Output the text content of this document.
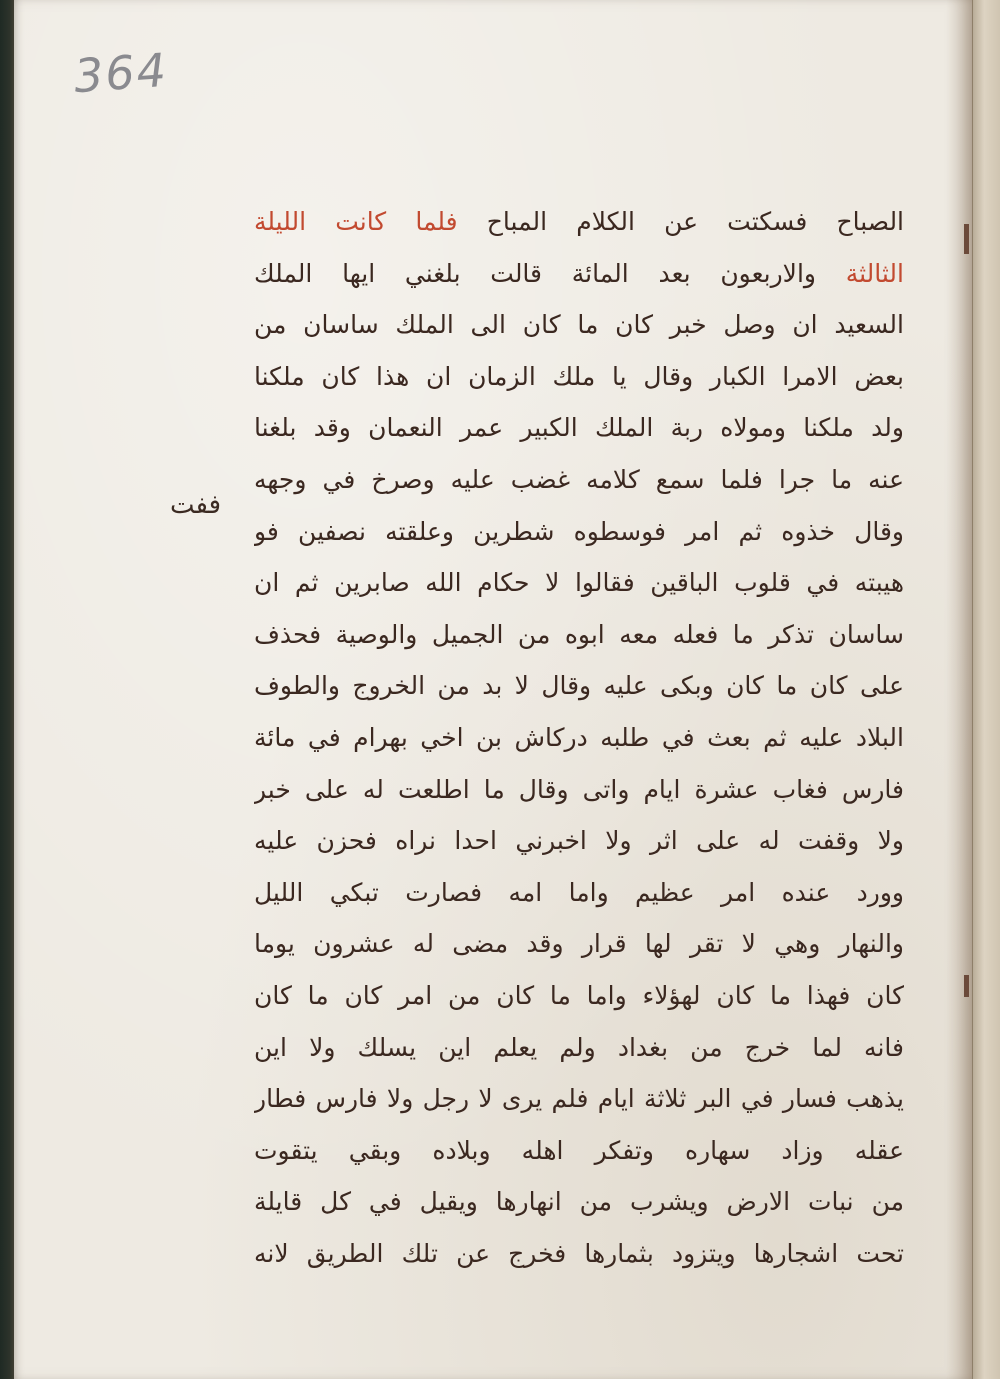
364
ففت
الصباح فسكتت عن الكلام المباح فلما كانت الليلة
الثالثة والاربعون بعد المائة قالت بلغني ايها الملك
السعيد ان وصل خبر كان ما كان الى الملك ساسان من
بعض الامرا الكبار وقال يا ملك الزمان ان هذا كان ملكنا
ولد ملكنا ومولاه ربة الملك الكبير عمر النعمان وقد بلغنا
عنه ما جرا فلما سمع كلامه غضب عليه وصرخ في وجهه
وقال خذوه ثم امر فوسطوه شطرين وعلقته نصفين فو
هيبته في قلوب الباقين فقالوا لا حكام الله صابرين ثم ان
ساسان تذكر ما فعله معه ابوه من الجميل والوصية فحذف
على كان ما كان وبكى عليه وقال لا بد من الخروج والطوف
البلاد عليه ثم بعث في طلبه دركاش بن اخي بهرام في مائة
فارس فغاب عشرة ايام واتى وقال ما اطلعت له على خبر
ولا وقفت له على اثر ولا اخبرني احدا نراه فحزن عليه
وورد عنده امر عظيم واما امه فصارت تبكي الليل
والنهار وهي لا تقر لها قرار وقد مضى له عشرون يوما
كان فهذا ما كان لهؤلاء واما ما كان من امر كان ما كان
فانه لما خرج من بغداد ولم يعلم اين يسلك ولا اين
يذهب فسار في البر ثلاثة ايام فلم يرى لا رجل ولا فارس فطار
عقله وزاد سهاره وتفكر اهله وبلاده وبقي يتقوت
من نبات الارض ويشرب من انهارها ويقيل في كل قايلة
تحت اشجارها ويتزود بثمارها فخرج عن تلك الطريق لانه
